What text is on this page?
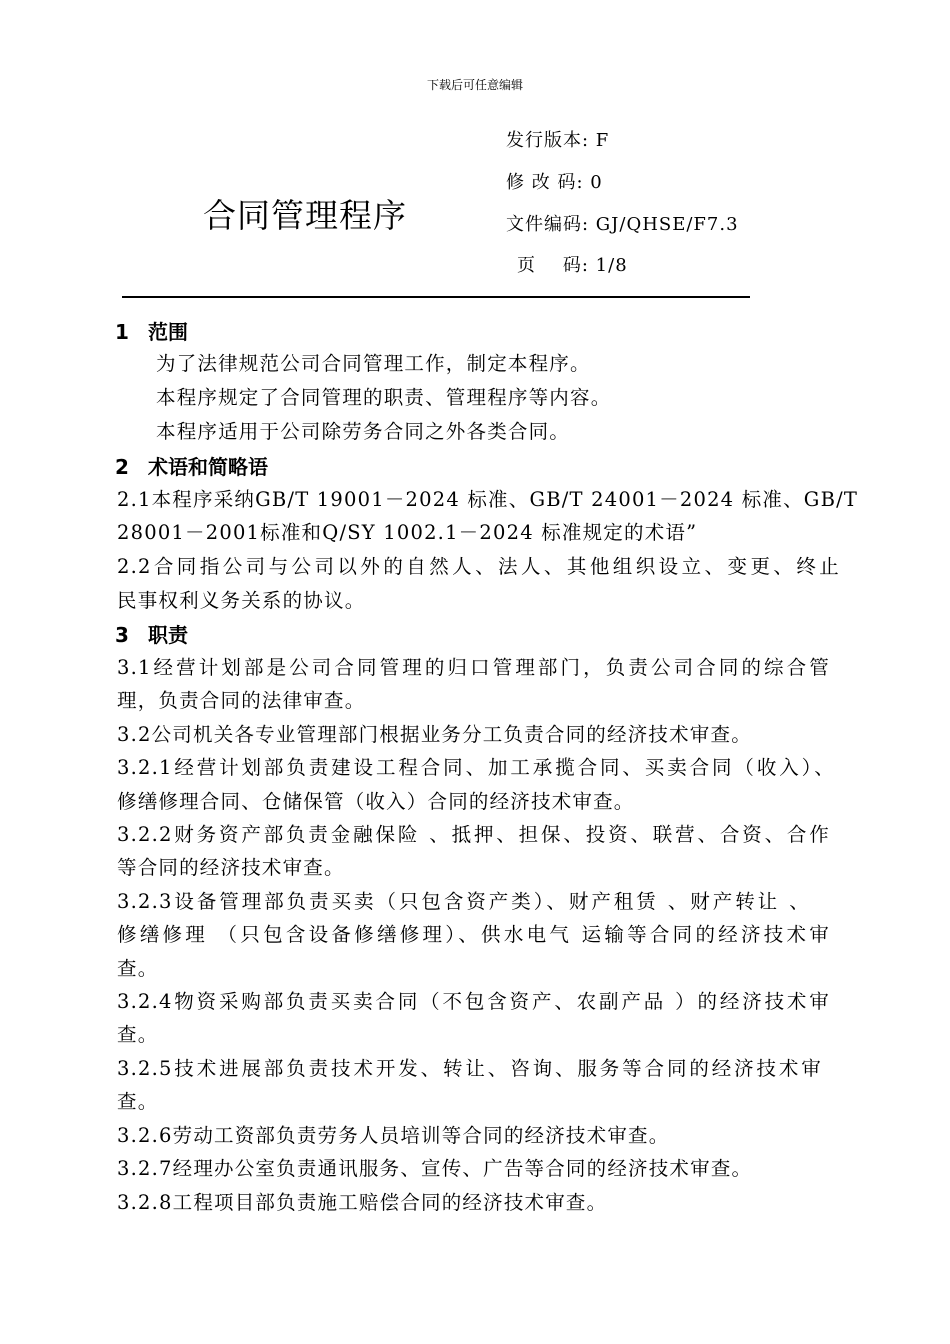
下载后可任意编辑
合同管理程序
发行版本: F
修 改 码: 0
文件编码: GJ/QHSE/F7.3
页    码: 1/8
1 范围
为了法律规范公司合同管理工作，制定本程序。
本程序规定了合同管理的职责、管理程序等内容。
本程序适用于公司除劳务合同之外各类合同。
2 术语和简略语
2.1本程序采纳GB/T 19001－2024 标准、GB/T 24001－2024 标准、GB/T
28001－2001标准和Q/SY 1002.1－2024 标准规定的术语”
2.2合同指公司与公司以外的自然人、法人、其他组织设立、变更、终止
民事权利义务关系的协议。
3 职责
3.1经营计划部是公司合同管理的归口管理部门，负责公司合同的综合管
理，负责合同的法律审查。
3.2公司机关各专业管理部门根据业务分工负责合同的经济技术审查。
3.2.1经营计划部负责建设工程合同、加工承揽合同、买卖合同（收入）、
修缮修理合同、仓储保管（收入）合同的经济技术审查。
3.2.2财务资产部负责金融保险 、抵押、担保、投资、联营、合资、合作
等合同的经济技术审查。
3.2.3设备管理部负责买卖（只包含资产类）、财产租赁 、财产转让 、
修缮修理 （只包含设备修缮修理）、供水电气 运输等合同的经济技术审
查。
3.2.4物资采购部负责买卖合同（不包含资产、农副产品 ）的经济技术审
查。
3.2.5技术进展部负责技术开发、转让、咨询、服务等合同的经济技术审
查。
3.2.6劳动工资部负责劳务人员培训等合同的经济技术审查。
3.2.7经理办公室负责通讯服务、宣传、广告等合同的经济技术审查。
3.2.8工程项目部负责施工赔偿合同的经济技术审查。
